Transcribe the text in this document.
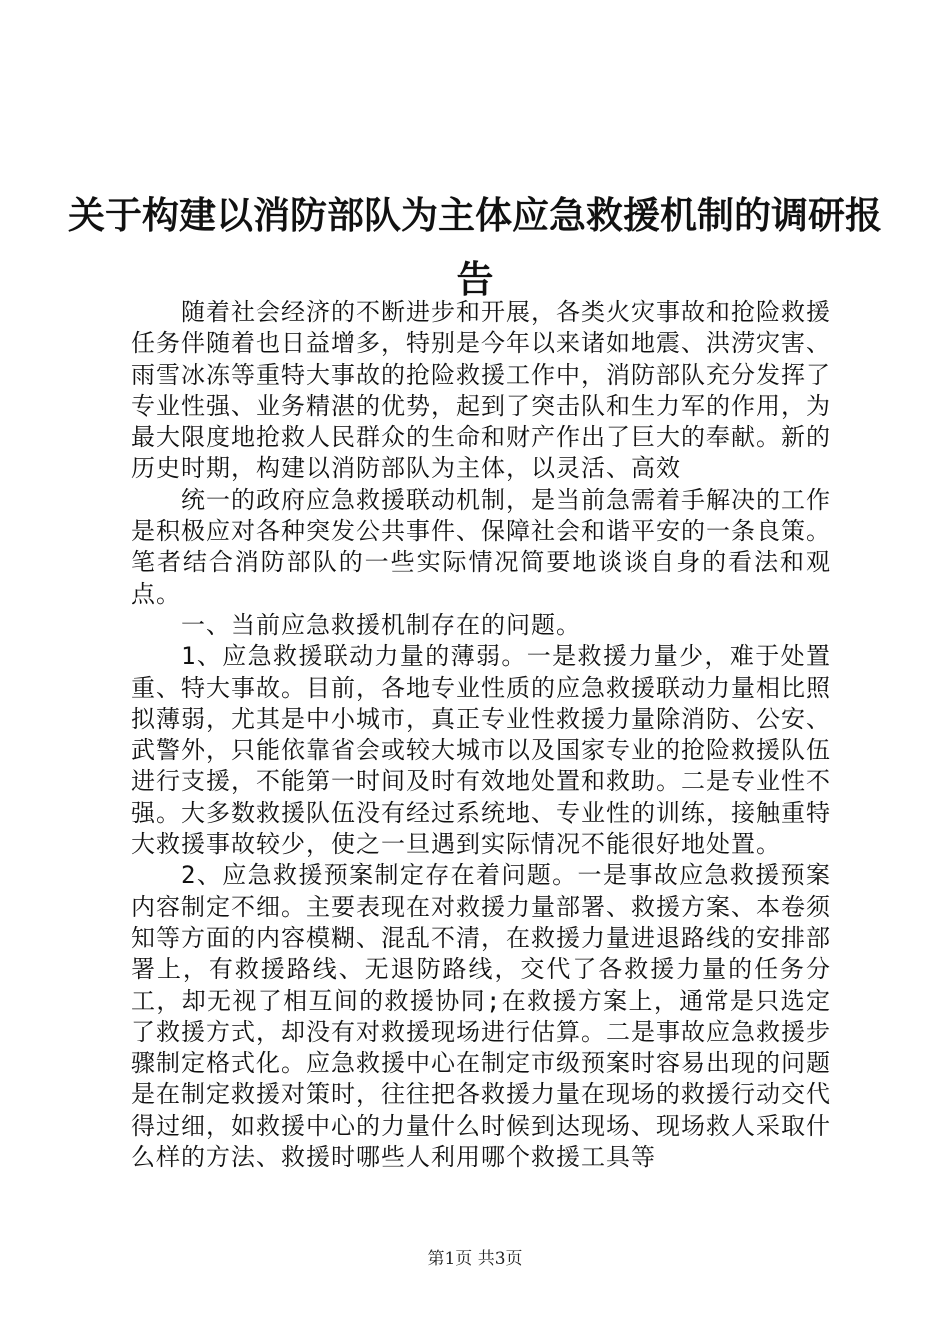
关于构建以消防部队为主体应急救援机制的调研报告

随着社会经济的不断进步和开展，各类火灾事故和抢险救援任务伴随着也日益增多，特别是今年以来诸如地震、洪涝灾害、雨雪冰冻等重特大事故的抢险救援工作中，消防部队充分发挥了专业性强、业务精湛的优势，起到了突击队和生力军的作用，为最大限度地抢救人民群众的生命和财产作出了巨大的奉献。新的历史时期，构建以消防部队为主体，以灵活、高效

统一的政府应急救援联动机制，是当前急需着手解决的工作是积极应对各种突发公共事件、保障社会和谐平安的一条良策。笔者结合消防部队的一些实际情况简要地谈谈自身的看法和观点。

一、当前应急救援机制存在的问题。

1、应急救援联动力量的薄弱。一是救援力量少，难于处置重、特大事故。目前，各地专业性质的应急救援联动力量相比照拟薄弱，尤其是中小城市，真正专业性救援力量除消防、公安、武警外，只能依靠省会或较大城市以及国家专业的抢险救援队伍进行支援，不能第一时间及时有效地处置和救助。二是专业性不强。大多数救援队伍没有经过系统地、专业性的训练，接触重特大救援事故较少，使之一旦遇到实际情况不能很好地处置。

2、应急救援预案制定存在着问题。一是事故应急救援预案内容制定不细。主要表现在对救援力量部署、救援方案、本卷须知等方面的内容模糊、混乱不清，在救援力量进退路线的安排部署上，有救援路线、无退防路线，交代了各救援力量的任务分工，却无视了相互间的救援协同;在救援方案上，通常是只选定了救援方式，却没有对救援现场进行估算。二是事故应急救援步骤制定格式化。应急救援中心在制定市级预案时容易出现的问题是在制定救援对策时，往往把各救援力量在现场的救援行动交代得过细，如救援中心的力量什么时候到达现场、现场救人采取什么样的方法、救援时哪些人利用哪个救援工具等

第1页 共3页
